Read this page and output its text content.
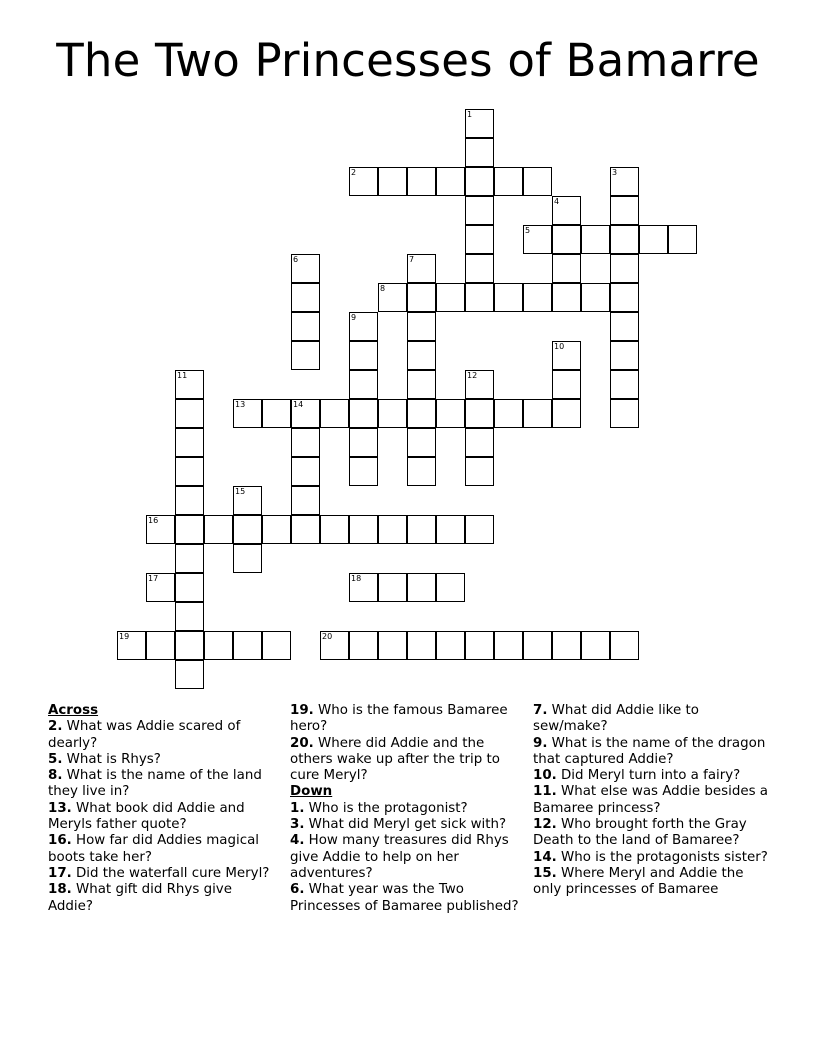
The Two Princesses of Bamarre
1
2	3
4
5
6	7
8
9
10
11	12
13	14
15
16
17	18
19	20
Across
2. What was Addie scared of dearly?
5. What is Rhys?
8. What is the name of the land they live in?
13. What book did Addie and Meryls father quote?
16. How far did Addies magical boots take her?
17. Did the waterfall cure Meryl?
18. What gift did Rhys give Addie?
19. Who is the famous Bamaree hero?
20. Where did Addie and the others wake up after the trip to cure Meryl?
Down
1. Who is the protagonist?
3. What did Meryl get sick with?
4. How many treasures did Rhys give Addie to help on her adventures?
6. What year was the Two Princesses of Bamaree published?
7. What did Addie like to sew/make?
9. What is the name of the dragon that captured Addie?
10. Did Meryl turn into a fairy?
11. What else was Addie besides a Bamaree princess?
12. Who brought forth the Gray Death to the land of Bamaree?
14. Who is the protagonists sister?
15. Where Meryl and Addie the only princesses of Bamaree
